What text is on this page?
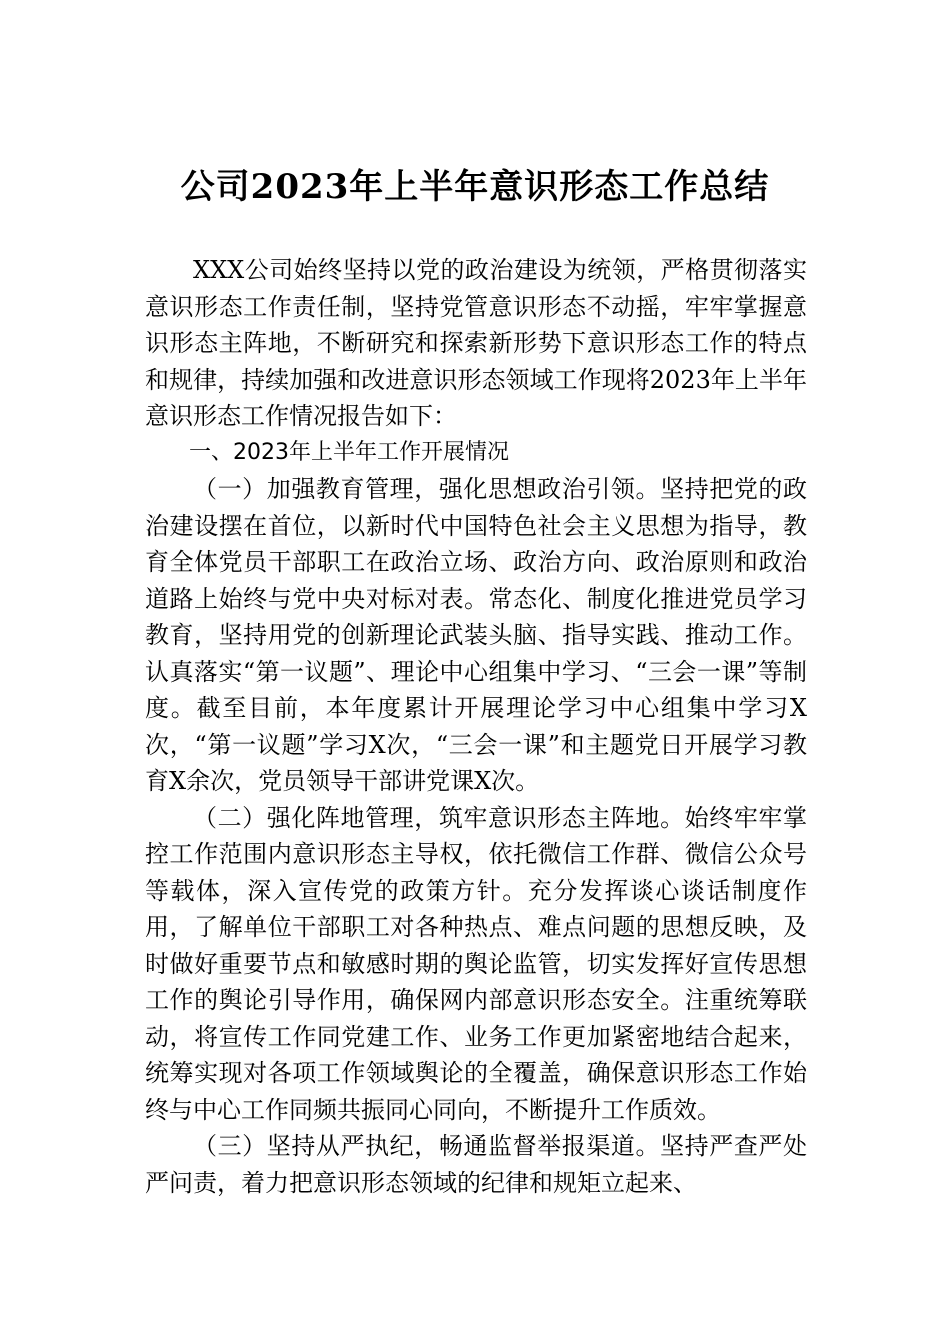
公司2023年上半年意识形态工作总结

XXX公司始终坚持以党的政治建设为统领，严格贯彻落实意识形态工作责任制，坚持党管意识形态不动摇，牢牢掌握意识形态主阵地，不断研究和探索新形势下意识形态工作的特点和规律，持续加强和改进意识形态领域工作现将2023年上半年意识形态工作情况报告如下：

一、2023年上半年工作开展情况

（一）加强教育管理，强化思想政治引领。坚持把党的政治建设摆在首位，以新时代中国特色社会主义思想为指导，教育全体党员干部职工在政治立场、政治方向、政治原则和政治道路上始终与党中央对标对表。常态化、制度化推进党员学习教育，坚持用党的创新理论武装头脑、指导实践、推动工作。认真落实“第一议题”、理论中心组集中学习、“三会一课”等制度。截至目前，本年度累计开展理论学习中心组集中学习X次，“第一议题”学习X次，“三会一课”和主题党日开展学习教育X余次，党员领导干部讲党课X次。

（二）强化阵地管理，筑牢意识形态主阵地。始终牢牢掌控工作范围内意识形态主导权，依托微信工作群、微信公众号等载体，深入宣传党的政策方针。充分发挥谈心谈话制度作用，了解单位干部职工对各种热点、难点问题的思想反映，及时做好重要节点和敏感时期的舆论监管，切实发挥好宣传思想工作的舆论引导作用，确保网内部意识形态安全。注重统筹联动，将宣传工作同党建工作、业务工作更加紧密地结合起来，统筹实现对各项工作领域舆论的全覆盖，确保意识形态工作始终与中心工作同频共振同心同向，不断提升工作质效。

（三）坚持从严执纪，畅通监督举报渠道。坚持严查严处严问责，着力把意识形态领域的纪律和规矩立起来、
